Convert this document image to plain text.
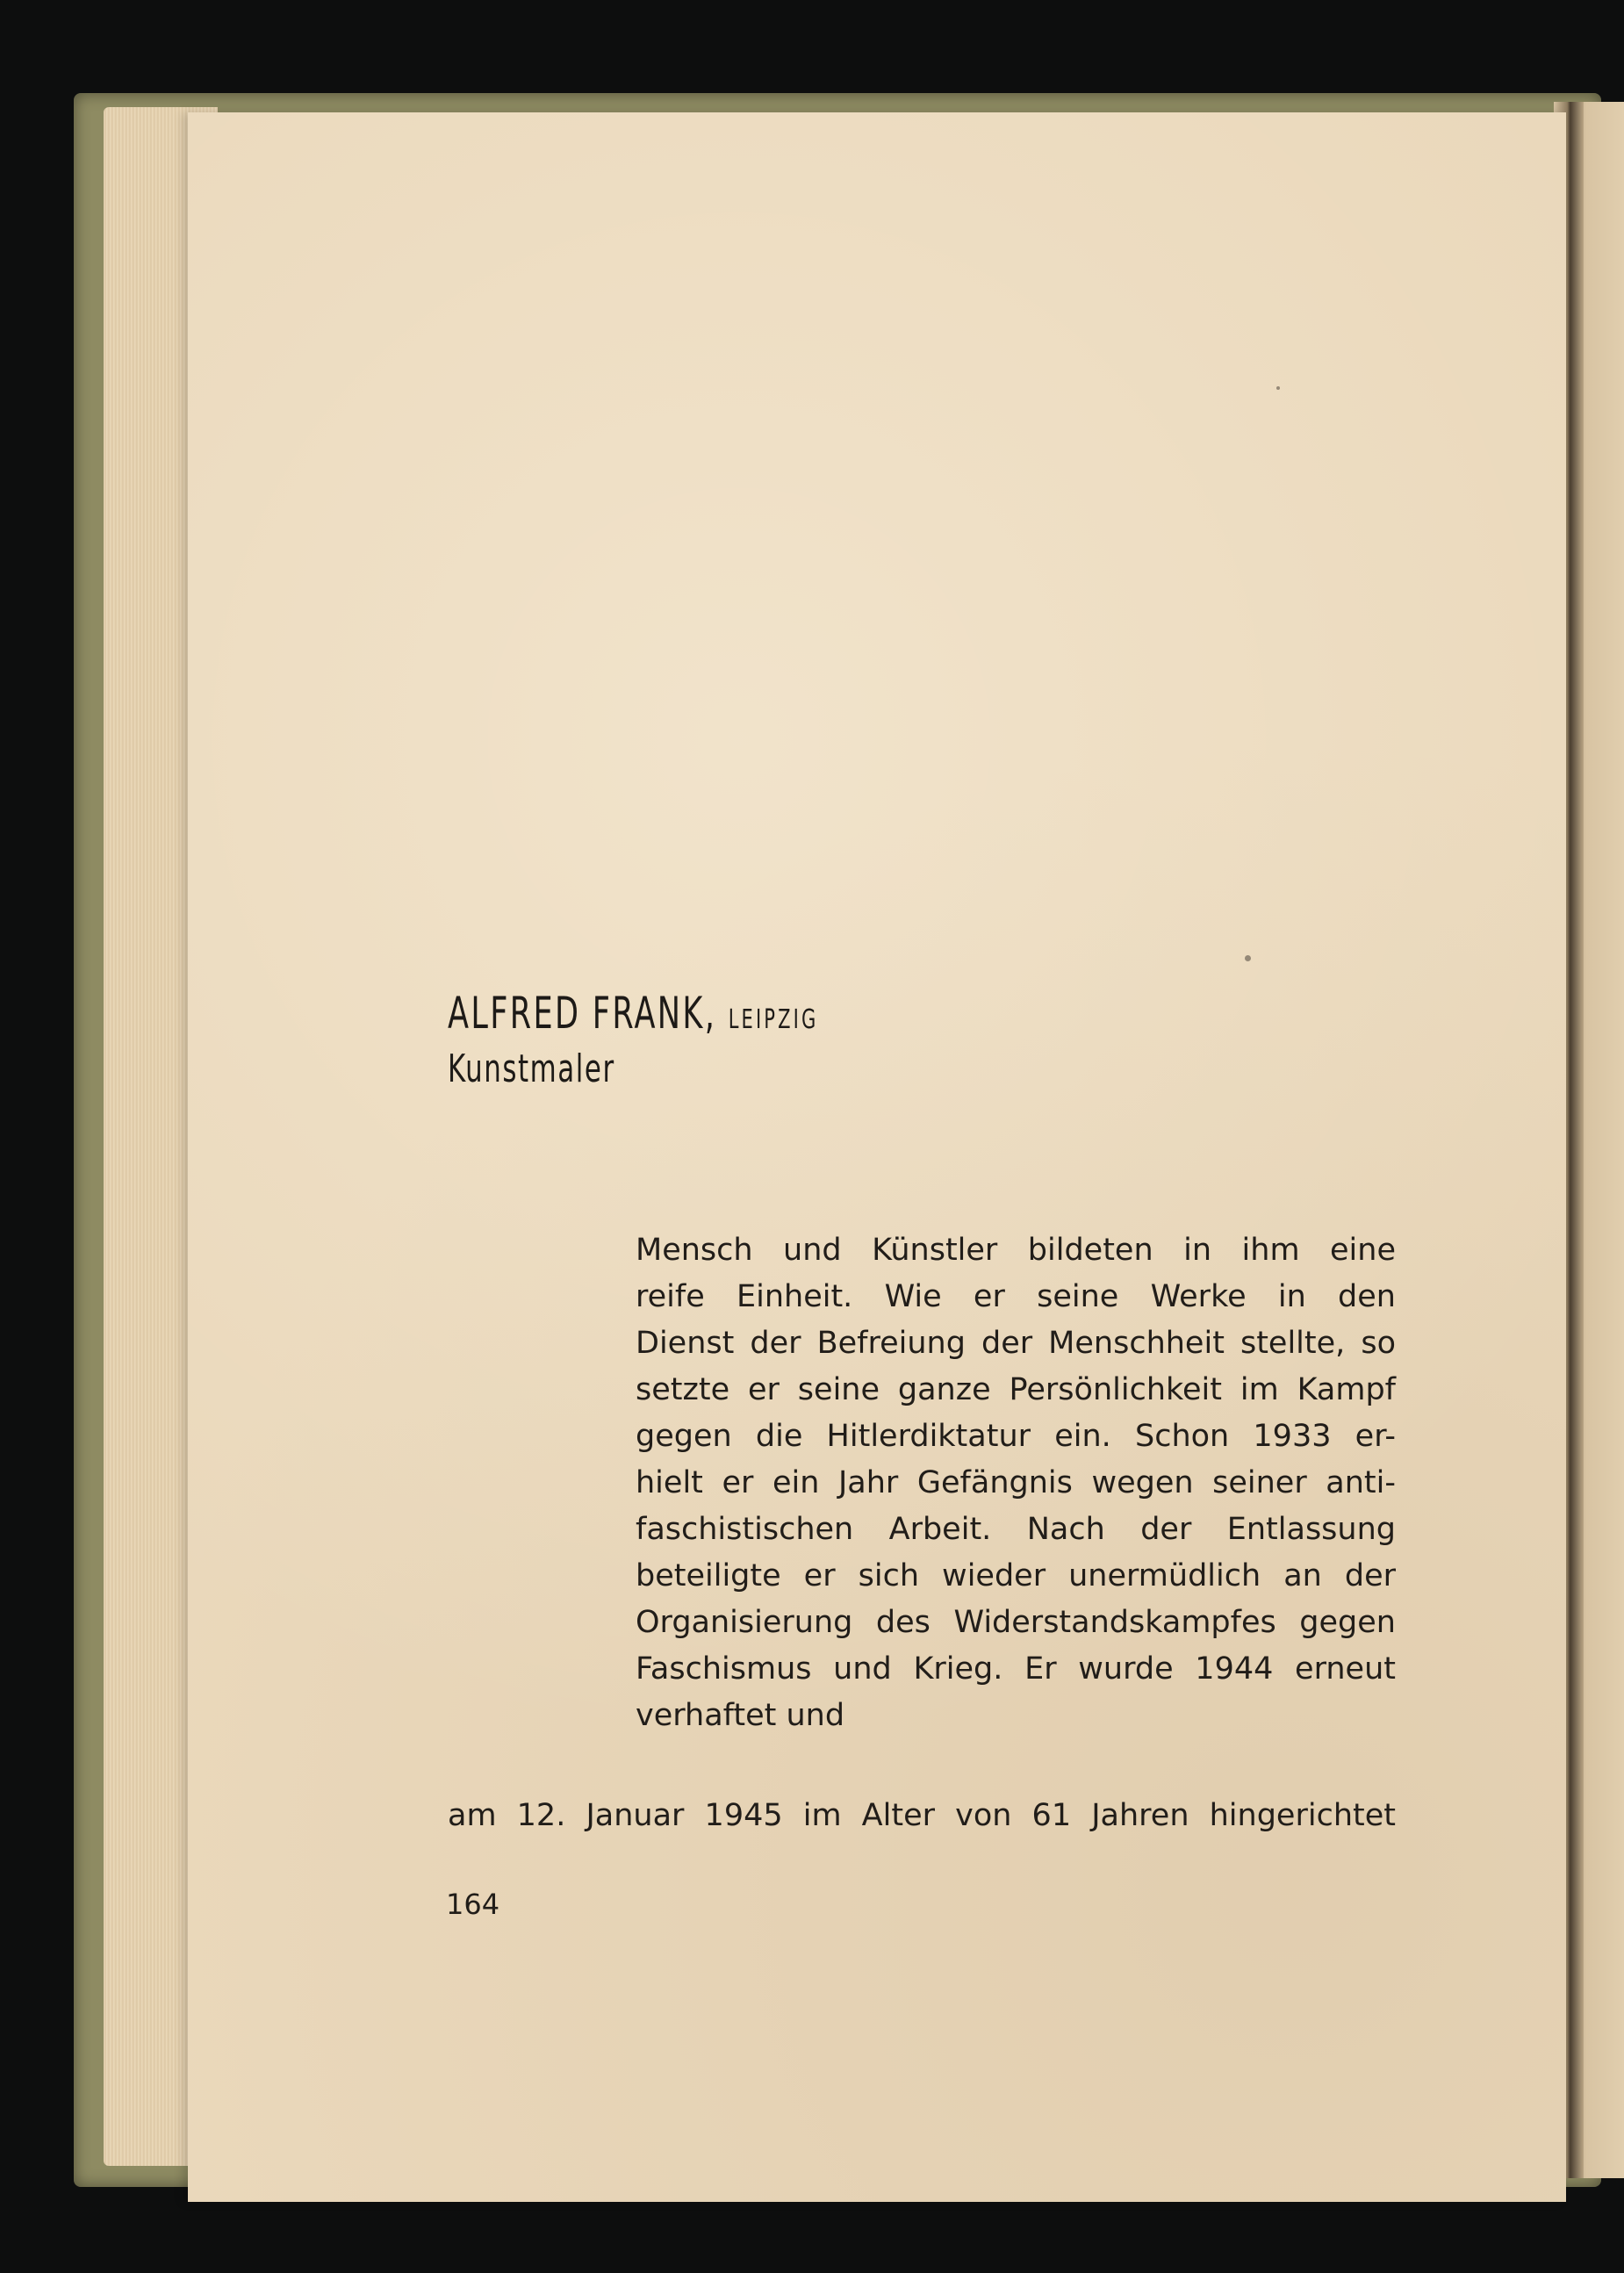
ALFRED FRANK, LEIPZIG
Kunstmaler
Mensch und Künstler bildeten in ihm eine
reife Einheit. Wie er seine Werke in den
Dienst der Befreiung der Menschheit stellte, so
setzte er seine ganze Persönlichkeit im Kampf
gegen die Hitlerdiktatur ein. Schon 1933 er-
hielt er ein Jahr Gefängnis wegen seiner anti-
faschistischen Arbeit. Nach der Entlassung
beteiligte er sich wieder unermüdlich an der
Organisierung des Widerstandskampfes gegen
Faschismus und Krieg. Er wurde 1944 erneut
verhaftet und
am 12. Januar 1945 im Alter von 61 Jahren hingerichtet
164
